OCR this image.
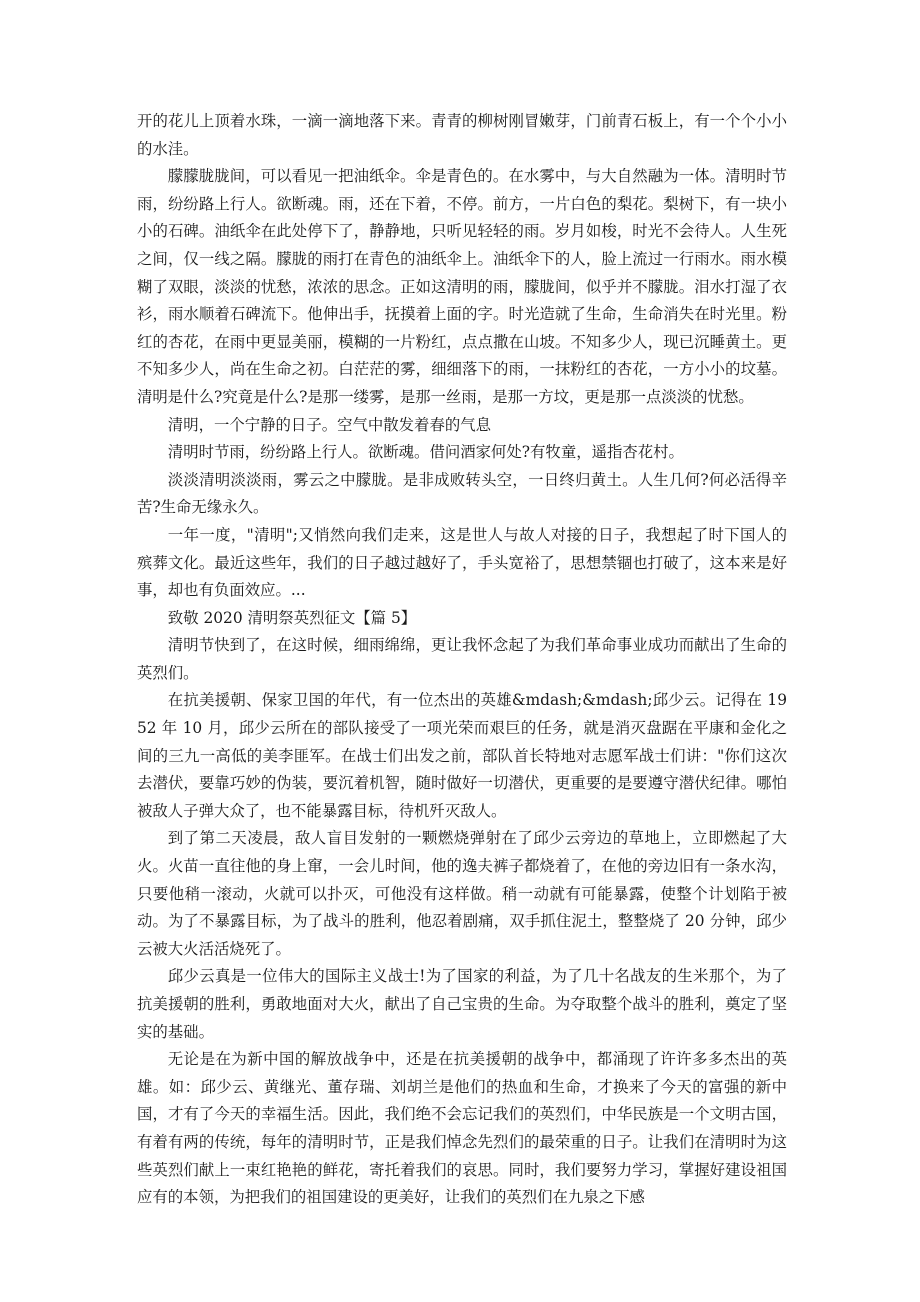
开的花儿上顶着水珠，一滴一滴地落下来。青青的柳树刚冒嫩芽，门前青石板上，有一个个小小的水洼。

朦朦胧胧间，可以看见一把油纸伞。伞是青色的。在水雾中，与大自然融为一体。清明时节雨，纷纷路上行人。欲断魂。雨，还在下着，不停。前方，一片白色的梨花。梨树下，有一块小小的石碑。油纸伞在此处停下了，静静地，只听见轻轻的雨。岁月如梭，时光不会待人。人生死之间，仅一线之隔。朦胧的雨打在青色的油纸伞上。油纸伞下的人，脸上流过一行雨水。雨水模糊了双眼，淡淡的忧愁，浓浓的思念。正如这清明的雨，朦胧间，似乎并不朦胧。泪水打湿了衣衫，雨水顺着石碑流下。他伸出手，抚摸着上面的字。时光造就了生命，生命消失在时光里。粉红的杏花，在雨中更显美丽，模糊的一片粉红，点点撒在山坡。不知多少人，现已沉睡黄土。更不知多少人，尚在生命之初。白茫茫的雾，细细落下的雨，一抹粉红的杏花，一方小小的坟墓。清明是什么?究竟是什么?是那一缕雾，是那一丝雨，是那一方坟，更是那一点淡淡的忧愁。

清明，一个宁静的日子。空气中散发着春的气息

清明时节雨，纷纷路上行人。欲断魂。借问酒家何处?有牧童，遥指杏花村。

淡淡清明淡淡雨，雾云之中朦胧。是非成败转头空，一日终归黄土。人生几何?何必活得辛苦?生命无缘永久。

一年一度，"清明";又悄然向我们走来，这是世人与故人对接的日子，我想起了时下国人的殡葬文化。最近这些年，我们的日子越过越好了，手头宽裕了，思想禁锢也打破了，这本来是好事，却也有负面效应。...

致敬 2020 清明祭英烈征文【篇 5】

清明节快到了，在这时候，细雨绵绵，更让我怀念起了为我们革命事业成功而献出了生命的英烈们。

在抗美援朝、保家卫国的年代，有一位杰出的英雄&mdash;&mdash;邱少云。记得在 1952 年 10 月，邱少云所在的部队接受了一项光荣而艰巨的任务，就是消灭盘踞在平康和金化之间的三九一高低的美李匪军。在战士们出发之前，部队首长特地对志愿军战士们讲："你们这次去潜伏，要靠巧妙的伪装，要沉着机智，随时做好一切潜伏，更重要的是要遵守潜伏纪律。哪怕被敌人子弹大众了，也不能暴露目标，待机歼灭敌人。

到了第二天凌晨，敌人盲目发射的一颗燃烧弹射在了邱少云旁边的草地上，立即燃起了大火。火苗一直往他的身上窜，一会儿时间，他的逸夫裤子都烧着了，在他的旁边旧有一条水沟，只要他稍一滚动，火就可以扑灭，可他没有这样做。稍一动就有可能暴露，使整个计划陷于被动。为了不暴露目标，为了战斗的胜利，他忍着剧痛，双手抓住泥土，整整烧了 20 分钟，邱少云被大火活活烧死了。

邱少云真是一位伟大的国际主义战士!为了国家的利益，为了几十名战友的生米那个，为了抗美援朝的胜利，勇敢地面对大火，献出了自己宝贵的生命。为夺取整个战斗的胜利，奠定了坚实的基础。

无论是在为新中国的解放战争中，还是在抗美援朝的战争中，都涌现了许许多多杰出的英雄。如：邱少云、黄继光、董存瑞、刘胡兰是他们的热血和生命，才换来了今天的富强的新中国，才有了今天的幸福生活。因此，我们绝不会忘记我们的英烈们，中华民族是一个文明古国，有着有两的传统，每年的清明时节，正是我们悼念先烈们的最荣重的日子。让我们在清明时为这些英烈们献上一束红艳艳的鲜花，寄托着我们的哀思。同时，我们要努力学习，掌握好建设祖国应有的本领，为把我们的祖国建设的更美好，让我们的英烈们在九泉之下感
